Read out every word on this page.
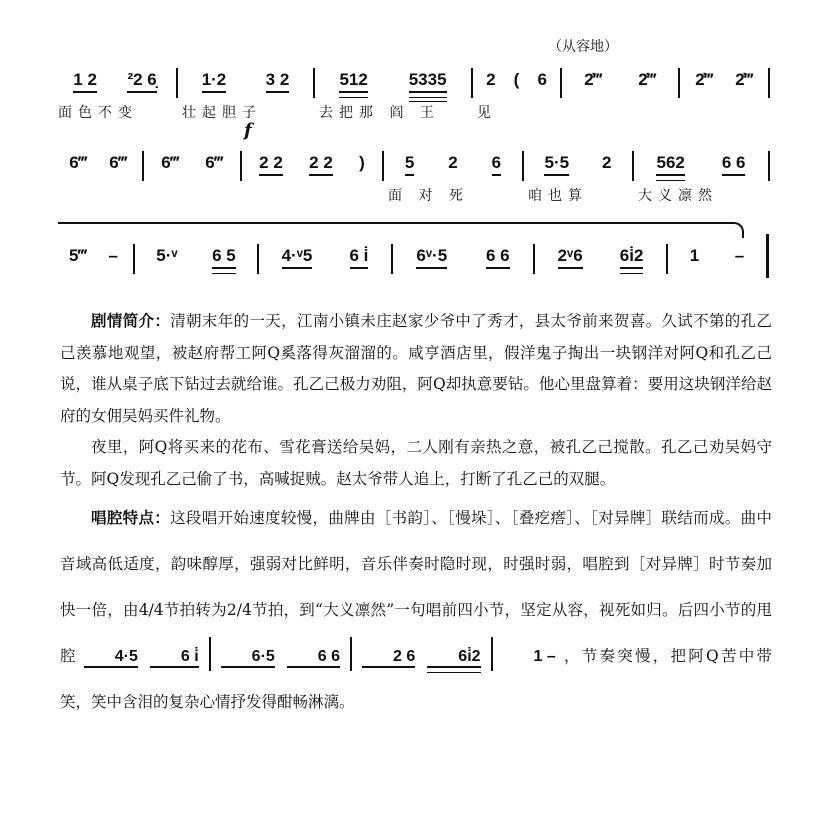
1 2 ²2 6̣
面色不变
1·2 3 2
壮起胆子
512 5335
去把那 阎 王
2 ( 6
见
2̇‴ 2̇‴ 2̇‴ 2̇‴
6‴ 6‴ 6‴ 6‴ 2 2 2 2 ) 5 2 6
面 对 死
5·5 2
咱也算
562 6 6
大义凛然
5‴ – 5·ᵛ 6 5	4·ᵛ5 6 i̇	6ᵛ·5 6 6	2ᵛ6 6i̇2	1 –
（从容地）
f

剧情简介：清朝末年的一天，江南小镇未庄赵家少爷中了秀才，县太爷前来贺喜。久试不第的孔乙己羡慕地观望，被赵府帮工阿Q奚落得灰溜溜的。咸亨酒店里，假洋鬼子掏出一块钢洋对阿Q和孔乙己说，谁从桌子底下钻过去就给谁。孔乙己极力劝阻，阿Q却执意要钻。他心里盘算着：要用这块钢洋给赵府的女佣吴妈买件礼物。

夜里，阿Q将买来的花布、雪花膏送给吴妈，二人刚有亲热之意，被孔乙己搅散。孔乙己劝吴妈守节。阿Q发现孔乙己偷了书，高喊捉贼。赵太爷带人追上，打断了孔乙己的双腿。

唱腔特点：这段唱开始速度较慢，曲牌由［书韵］、［慢垛］、［叠疙瘩］、［对异牌］联结而成。曲中音域高低适度，韵味醇厚，强弱对比鲜明，音乐伴奏时隐时现，时强时弱，唱腔到［对异牌］时节奏加快一倍，由4/4节拍转为2/4节拍，到“大义凛然”一句唱前四小节，坚定从容，视死如归。后四小节的甩腔 4·5	6 i̇	6·5	6 6	2 6	6i̇2	1 – ，节奏突慢，把阿Q苦中带笑，笑中含泪的复杂心情抒发得酣畅淋漓。
